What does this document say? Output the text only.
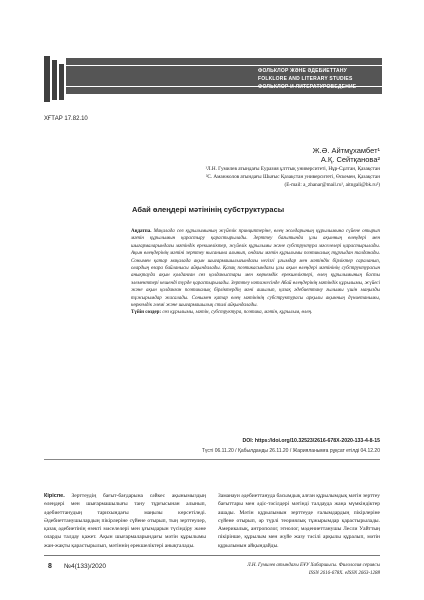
ФОЛЬКЛОР ЖӘНЕ ӘДЕБИЕТТАНУ
FOLKLORE AND LITERARY STUDIES
ФОЛЬКЛОР И ЛИТЕРАТУРОВЕДЕНИЕ
ХҒТАР 17.82.10
Ж.Ә. Айтмұхамбет¹
А.Қ. Сейтқанова²
¹Л.Н. Гумилев атындағы Еуразия ұлттық университеті, Нұр-Сұлтан, Қазақстан
²С. Аманжолов атындағы Шығыс Қазақстан университеті, Өскемен, Қазақстан
(E-mail: a_zhanar@mail.ru¹, aitngali@bk.ru²)
Абай өлеңдері мәтінінің субструктурасы
Аңдатпа. Мақалада сөз құрылымының жүйелік принциптеріне, өлең жолдарының құрылымына сүйене отырып мәтін құрылымын қарастыру қарастырылады. Зерттеу бағытында ұлы ақынның өлеңдері мен шығармаларындағы мәтіндік ерекшеліктер, жүйелік құрылымы және субструктура мәселелері қарастырылады. Ақын өлеңдерінің мәтіні зерттеу нысанына алынып, ондағы мәтін құрылымы поэтикалық тұрғыдан талданады. Сонымен қатар мақалада ақын шығармашылығындағы негізгі ұғымдар мен мәтіндік бірліктер сараланып, олардың өзара байланысы айқындалады. Қазақ поэтикасындағы ұлы ақын өлеңдері мәтінінің субструктурасын анықтауда ақын қолданған сөз қолданыстары мен көркемдік ерекшеліктері, өлең құрылымының басты элементтері кешенді түрде қарастырылады. Зерттеу нәтижесінде Абай өлеңдерінің мәтіндік құрылымы, жүйесі және ақын қолданған поэтикалық бірліктердің мәні ашылып, қазақ әдебиеттану ғылымы үшін маңызды тұжырымдар жасалады. Сонымен қатар өлең мәтінінің субструктурасы арқылы ақынның дүниетанымы, көркемдік әлемі және шығармашылық стилі айқындалады.
Түйін сөздер: сөз құрылымы, мәтін, субструктура, поэтика, мәтін, құрылым, өлең.
DOI: https://doi.org/10.32523/2616-678X-2020-133-4-8-15
Түсті 06.11.20 / Қабылданды 26.11.20 / Жарияланымға рұқсат етілді 04.12.20
Кіріспе. Зерттеудің бағыт-бағдарына сәйкес ақынымыздың өлеңдері мен шығармашылығы тану тұрғысынан алынып, әдебиеттанудың тарихындағы маңызы көрсетіледі. Әдебиеттанушылардың пікірлеріне сүйене отырып, тың зерттеулер, қазақ әдебиетінің өзекті мәселелері мен ұғымдарын түсіндіру және оларды талдау қажет. Ақын шығармаларындағы мәтін құрылымы жан-жақты қарастырылып, мәтіннің ерекшеліктері анықталады.
Заманауи әдебиеттануда басымдық алған құрылымдық мәтін зерттеу бағыттары мен әдіс-тәсілдері мәтінді талдауда жаңа мүмкіндіктер ашады. Мәтін құрылымын зерттеуде ғалымдардың пікірлеріне сүйене отырып, әр түрлі теориялық тұжырымдар қарастырылады. Америкалық, антрополог, этнолог, мәдениеттанушы Лесли Уайттың пікірінше, құрылым мен жүйе жазу тәсілі арқылы құралып, мәтін құрылымын айқындайды.
8 №4(133)/2020	Л.Н. Гумилев атындағы ЕҰУ Хабаршысы. Филология сериясы
ISSN 2616-678X. eISSN 2663-1288
